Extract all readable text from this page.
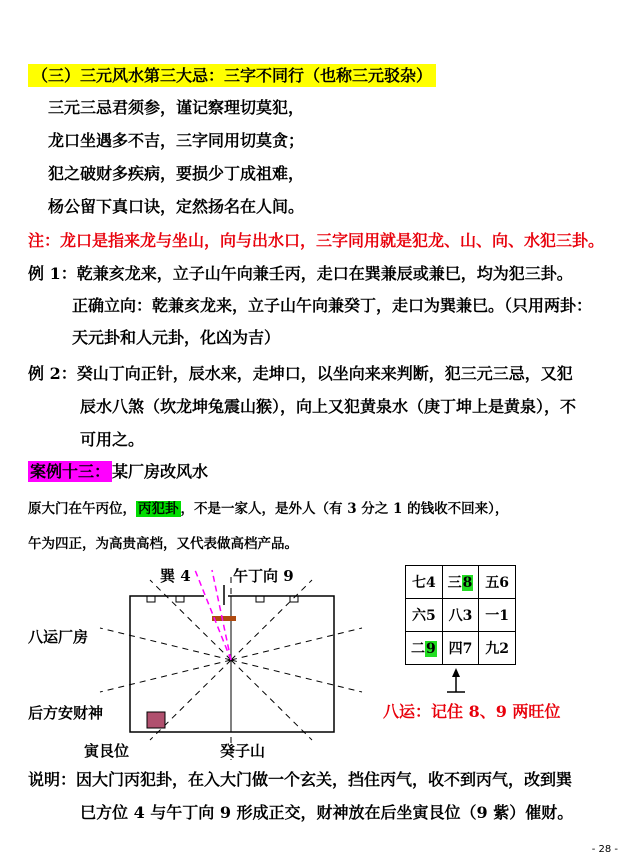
（三）三元风水第三大忌：三字不同行（也称三元驳杂）
三元三忌君须参，谨记察理切莫犯，
龙口坐遇多不吉，三字同用切莫贪；
犯之破财多疾病，要损少丁成祖难，
杨公留下真口诀，定然扬名在人间。
注：龙口是指来龙与坐山，向与出水口，三字同用就是犯龙、山、向、水犯三卦。
例 1：乾兼亥龙来，立子山午向兼壬丙，走口在巽兼辰或兼巳，均为犯三卦。
正确立向：乾兼亥龙来，立子山午向兼癸丁，走口为巽兼巳。（只用两卦：
天元卦和人元卦，化凶为吉）
例 2：癸山丁向正针，辰水来，走坤口，以坐向来来判断，犯三元三忌，又犯
辰水八煞（坎龙坤兔震山猴），向上又犯黄泉水（庚丁坤上是黄泉），不
可用之。
案例十三： 某厂房改风水
原大门在午丙位， 丙犯卦 ，不是一家人，是外人（有 3 分之 1 的钱收不回来），
午为四正，为高贵高档，又代表做高档产品。
巽 4	午丁向 9
八运厂房
后方安财神
寅艮位	癸子山
七4	三8	五6
六5	八3	一1
二9	四7	九2
八运：记住 8、9 两旺位
说明：因大门丙犯卦，在入大门做一个玄关，挡住丙气，收不到丙气，改到巽
巳方位 4 与午丁向 9 形成正交，财神放在后坐寅艮位（9 紫）催财。
- 28 -
